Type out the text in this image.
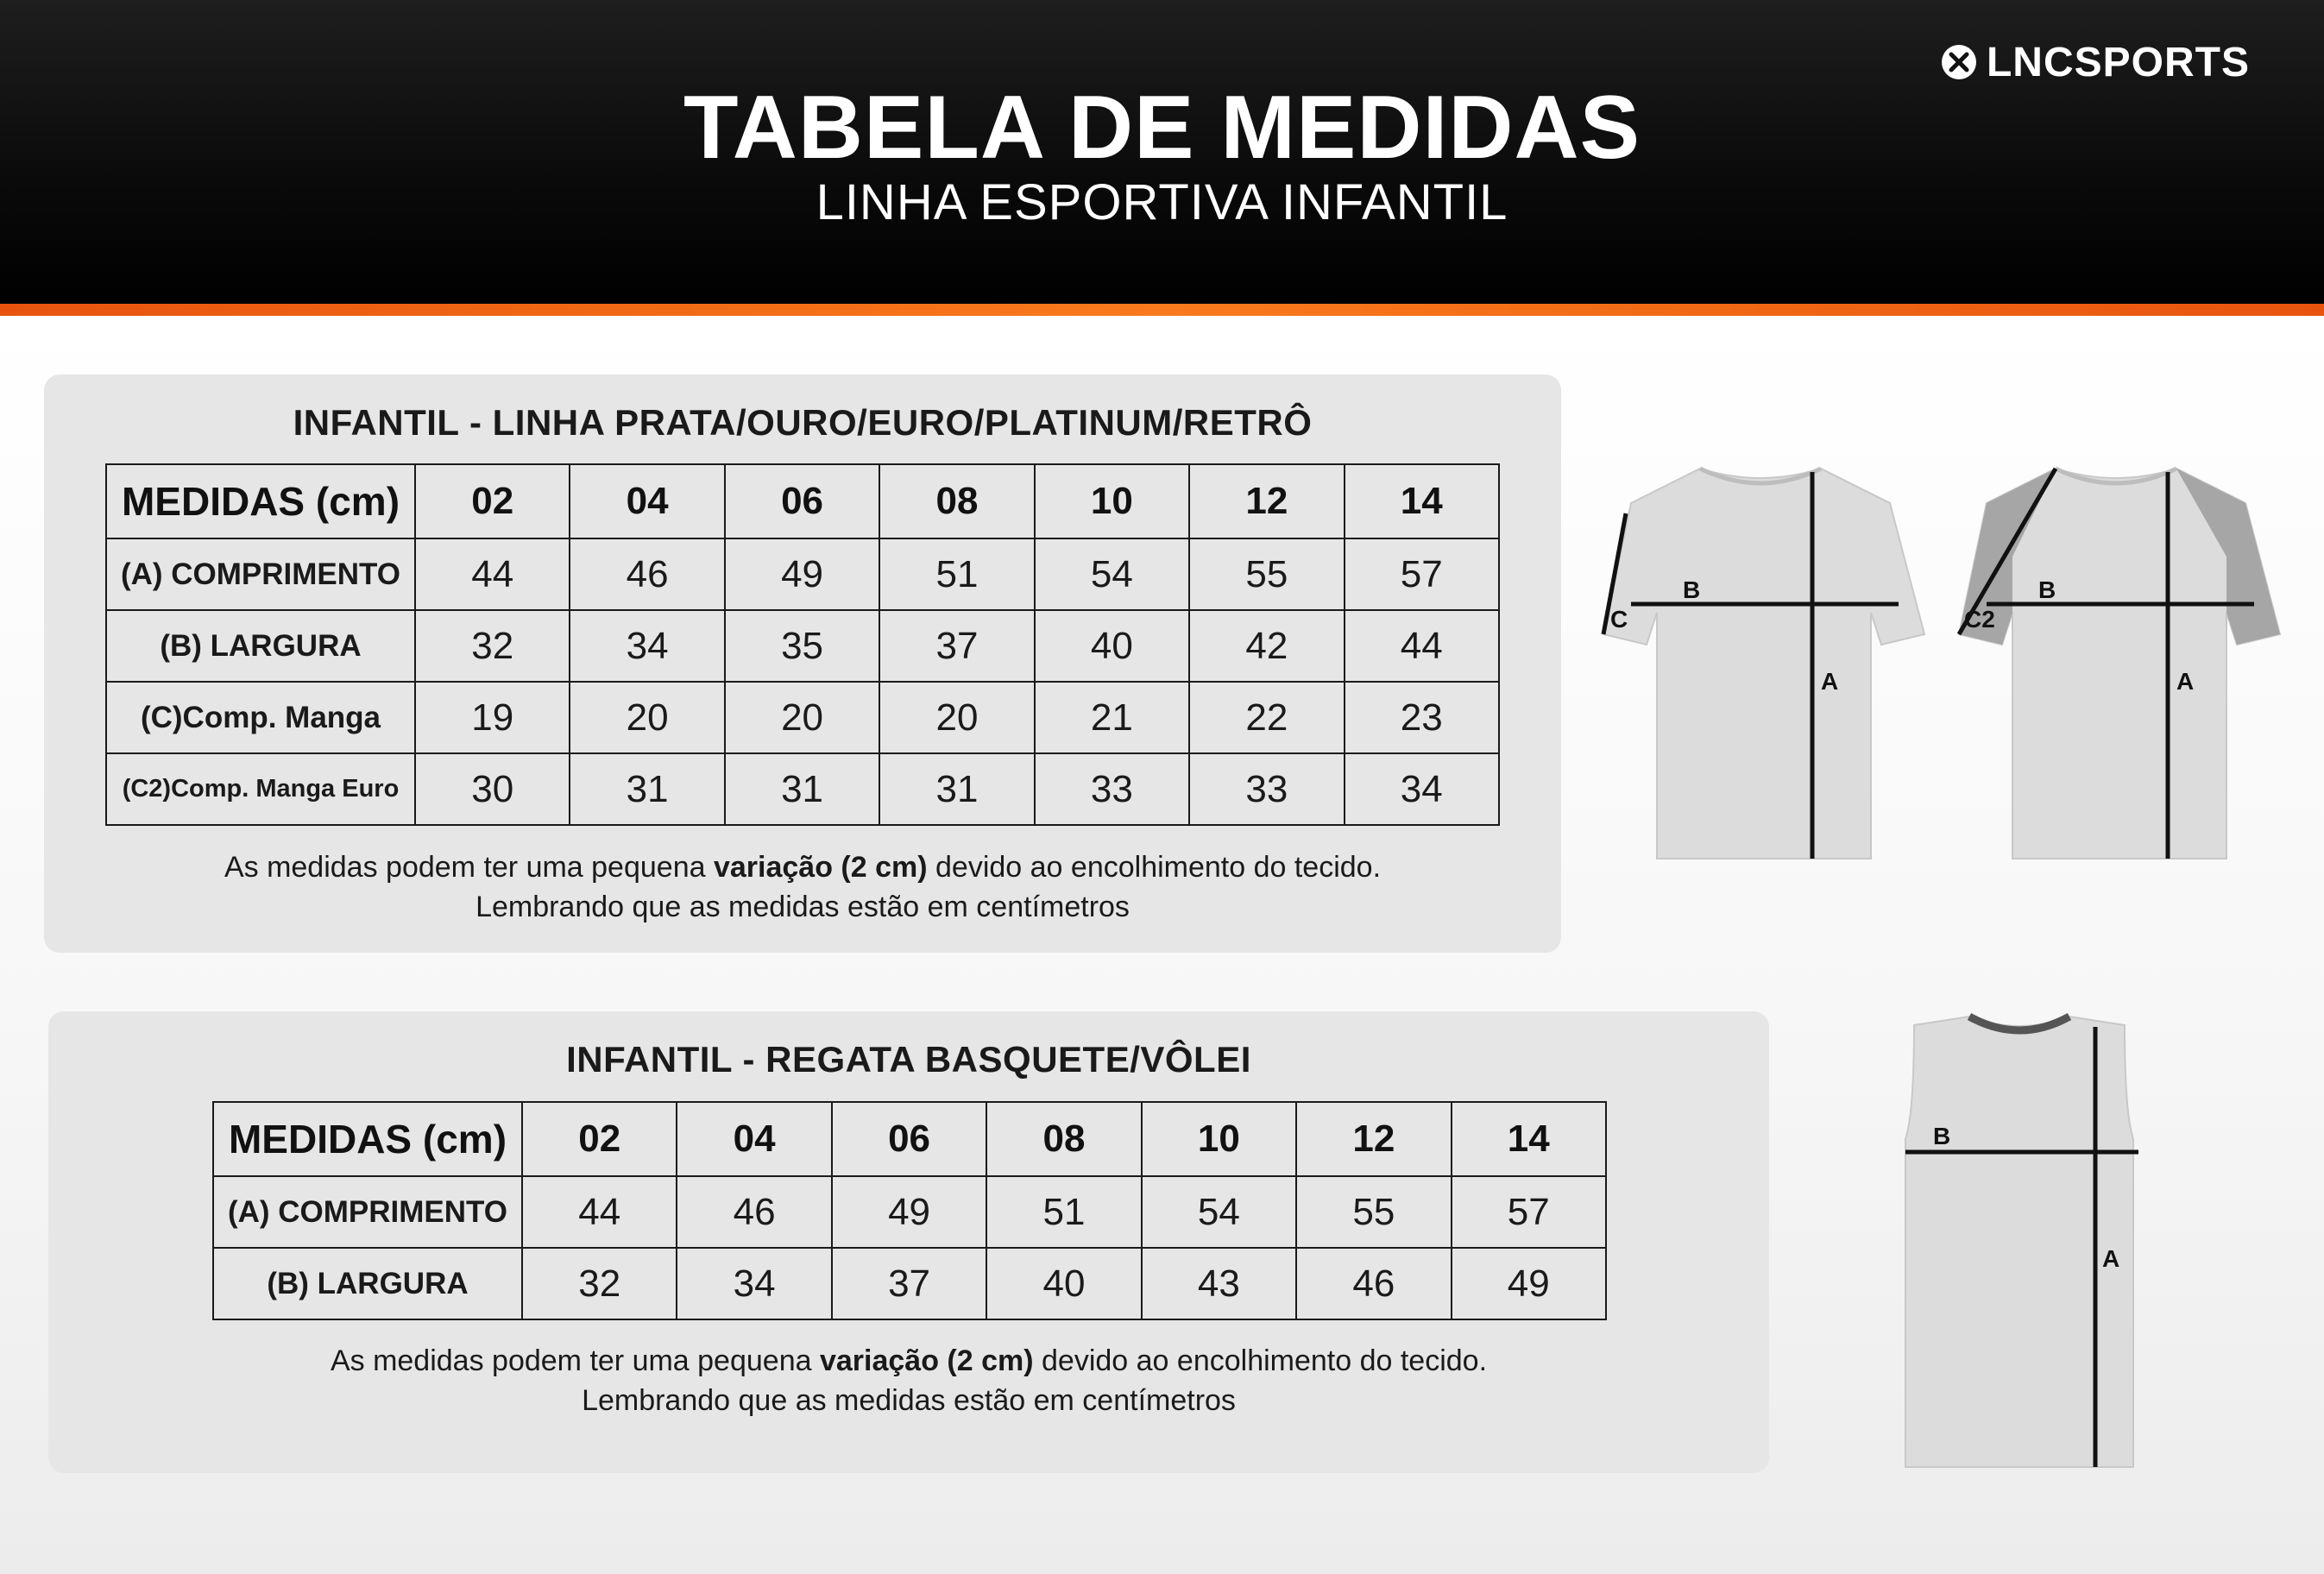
LNCSPORTS
TABELA DE MEDIDAS
LINHA ESPORTIVA INFANTIL
INFANTIL - LINHA PRATA/OURO/EURO/PLATINUM/RETRÔ
MEDIDAS (cm)	02	04	06	08	10	12	14
(A) COMPRIMENTO	44	46	49	51	54	55	57
(B) LARGURA	32	34	35	37	40	42	44
(C)Comp. Manga	19	20	20	20	21	22	23
(C2)Comp. Manga Euro	30	31	31	31	33	33	34
As medidas podem ter uma pequena variação (2 cm) devido ao encolhimento do tecido.
Lembrando que as medidas estão em centímetros
INFANTIL - REGATA BASQUETE/VÔLEI
MEDIDAS (cm)	02	04	06	08	10	12	14
(A) COMPRIMENTO	44	46	49	51	54	55	57
(B) LARGURA	32	34	37	40	43	46	49
As medidas podem ter uma pequena variação (2 cm) devido ao encolhimento do tecido.
Lembrando que as medidas estão em centímetros
B
A
C
B
A
C2
B
A
